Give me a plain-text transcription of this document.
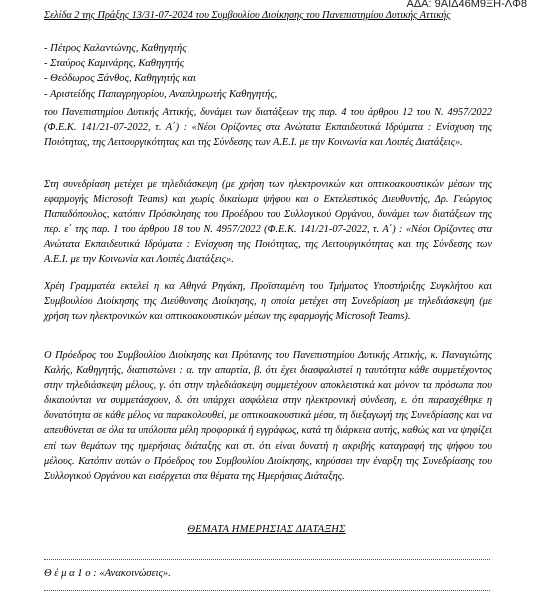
ΑΔΑ: 9ΑΙΔ46Μ9ΞΗ-ΛΦ8
Σελίδα 2 της Πράξης 13/31-07-2024 του Συμβουλίου Διοίκησης του Πανεπιστημίου Δυτικής Αττικής
- Πέτρος Καλαντώνης, Καθηγητής
- Σταύρος Καμινάρης, Καθηγητής
- Θεόδωρος Ξάνθος, Καθηγητής και
- Αριστείδης Παπαγρηγορίου, Αναπληρωτής Καθηγητής,

του Πανεπιστημίου Δυτικής Αττικής, δυνάμει των διατάξεων της παρ. 4 του άρθρου 12 του Ν. 4957/2022 (Φ.Ε.Κ. 141/21-07-2022, τ. Α΄) : «Νέοι Ορίζοντες στα Ανώτατα Εκπαιδευτικά Ιδρύματα : Ενίσχυση της Ποιότητας, της Λειτουργικότητας και της Σύνδεσης των Α.Ε.Ι. με την Κοινωνία και Λοιπές Διατάξεις».

Στη συνεδρίαση μετέχει με τηλεδιάσκεψη (με χρήση των ηλεκτρονικών και οπτικοακουστικών μέσων της εφαρμογής Microsoft Teams) και χωρίς δικαίωμα ψήφου και ο Εκτελεστικός Διευθυντής, Δρ. Γεώργιος Παπαδόπουλος, κατόπιν Πρόσκλησης του Προέδρου του Συλλογικού Οργάνου, δυνάμει των διατάξεων της περ. ε΄ της παρ. 1 του άρθρου 18 του Ν. 4957/2022 (Φ.Ε.Κ. 141/21-07-2022, τ. Α΄) : «Νέοι Ορίζοντες στα Ανώτατα Εκπαιδευτικά Ιδρύματα : Ενίσχυση της Ποιότητας, της Λειτουργικότητας και της Σύνδεσης των Α.Ε.Ι. με την Κοινωνία και Λοιπές Διατάξεις».

Χρέη Γραμματέα εκτελεί η κα Αθηνά Ρηγάκη, Προϊσταμένη του Τμήματος Υποστήριξης Συγκλήτου και Συμβουλίου Διοίκησης της Διεύθυνσης Διοίκησης, η οποία μετέχει στη Συνεδρίαση με τηλεδιάσκεψη (με χρήση των ηλεκτρονικών και οπτικοακουστικών μέσων της εφαρμογής Microsoft Teams).

Ο Πρόεδρος του Συμβουλίου Διοίκησης και Πρύτανης του Πανεπιστημίου Δυτικής Αττικής, κ. Παναγιώτης Καλής, Καθηγητής, διαπιστώνει : α. την απαρτία, β. ότι έχει διασφαλιστεί η ταυτότητα κάθε συμμετέχοντος στην τηλεδιάσκεψη μέλους, γ. ότι στην τηλεδιάσκεψη συμμετέχουν αποκλειστικά και μόνον τα πρόσωπα που δικαιούνται να συμμετάσχουν, δ. ότι υπάρχει ασφάλεια στην ηλεκτρονική σύνδεση, ε. ότι παρασχέθηκε η δυνατότητα σε κάθε μέλος να παρακολουθεί, με οπτικοακουστικά μέσα, τη διεξαγωγή της Συνεδρίασης και να απευθύνεται σε όλα τα υπόλοιπα μέλη προφορικά ή εγγράφως, κατά τη διάρκεια αυτής, καθώς και να ψηφίζει επί των θεμάτων της ημερήσιας διάταξης και στ. ότι είναι δυνατή η ακριβής καταγραφή της ψήφου του μέλους. Κατόπιν αυτών ο Πρόεδρος του Συμβουλίου Διοίκησης, κηρύσσει την έναρξη της Συνεδρίασης του Συλλογικού Οργάνου και εισέρχεται στα θέματα της Ημερήσιας Διάταξης.

ΘΕΜΑΤΑ ΗΜΕΡΗΣΙΑΣ ΔΙΑΤΑΞΗΣ
Θ έ μ α 1 ο : «Ανακοινώσεις».
